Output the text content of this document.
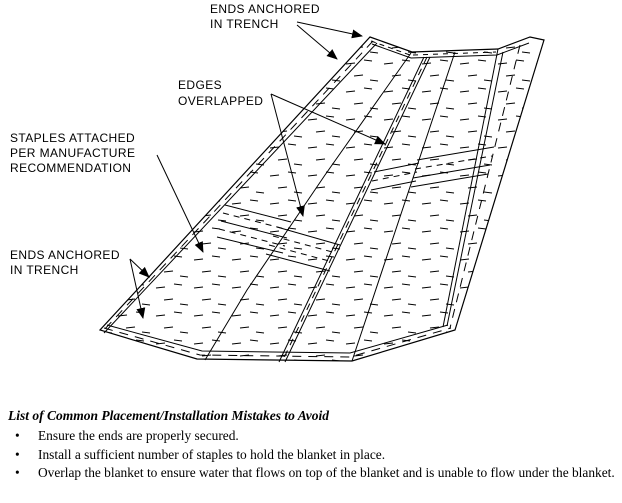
ENDS ANCHORED
IN TRENCH
EDGES
OVERLAPPED
STAPLES ATTACHED
PER MANUFACTURE
RECOMMENDATION
ENDS ANCHORED
IN TRENCH
List of Common Placement/Installation Mistakes to Avoid
•	Ensure the ends are properly secured.
•	Install a sufficient number of staples to hold the blanket in place.
•	Overlap the blanket to ensure water that flows on top of the blanket and is unable to flow under the blanket.
